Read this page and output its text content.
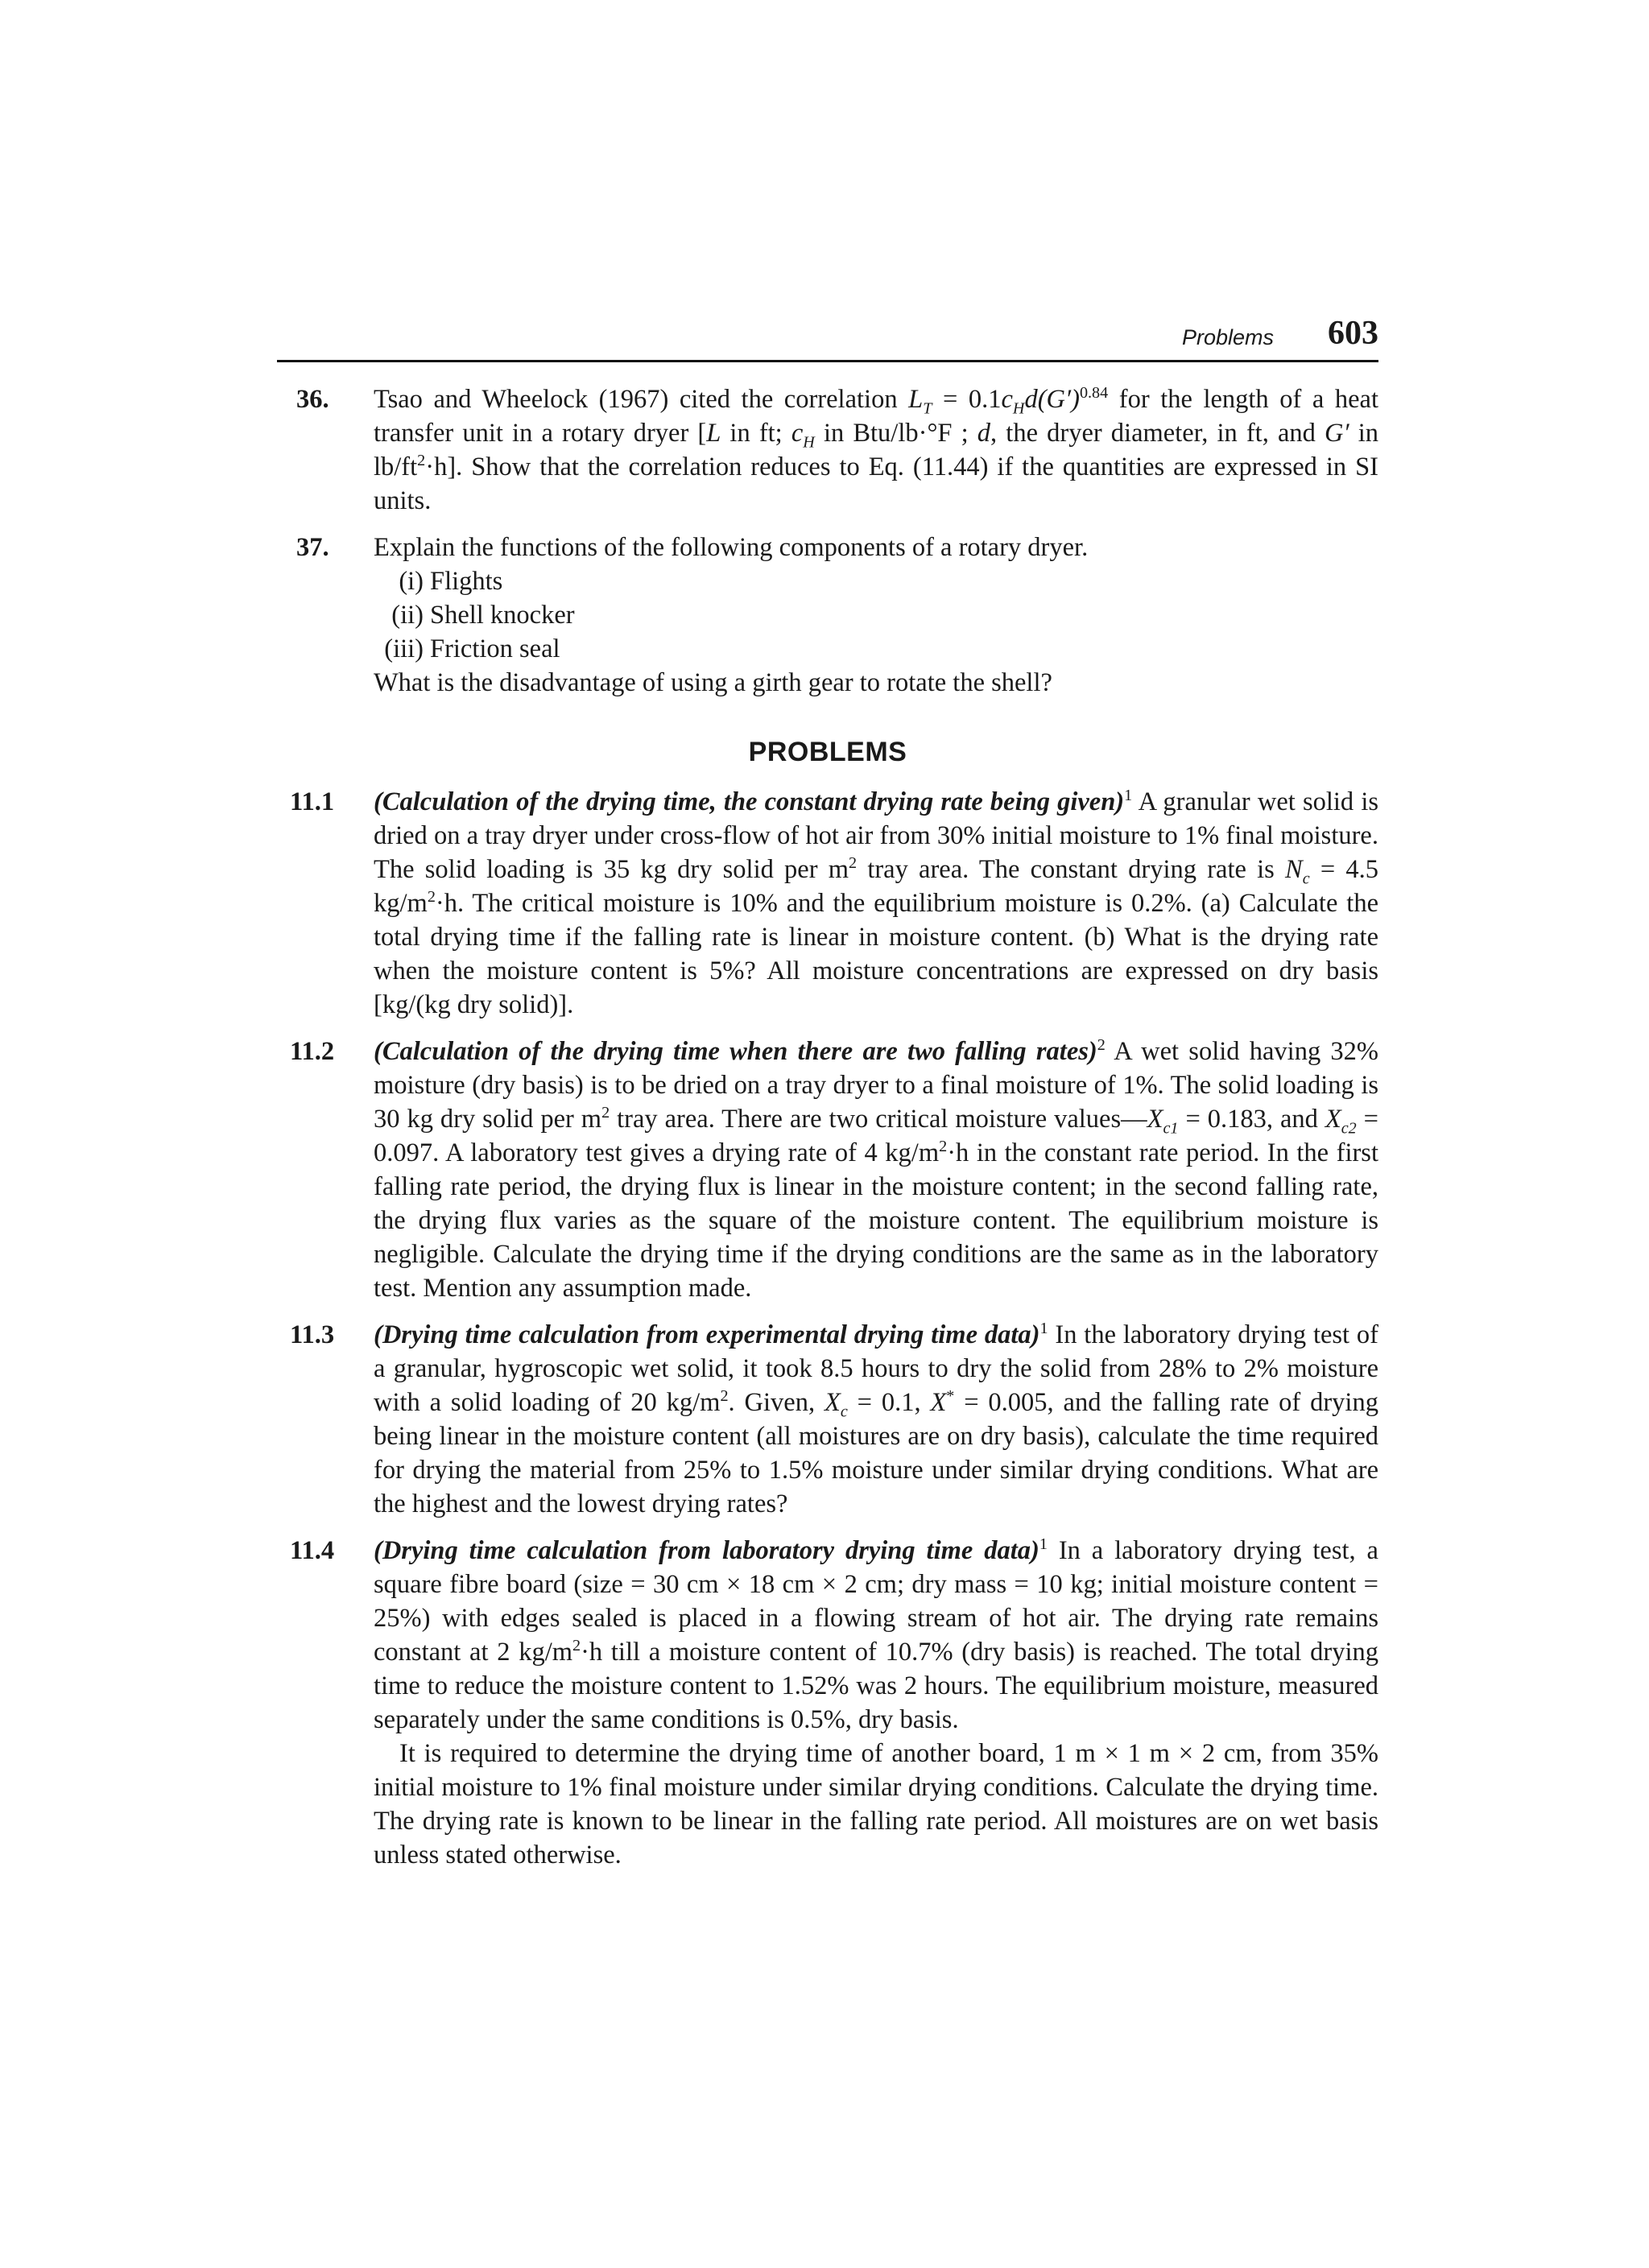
Problems 603
36. Tsao and Wheelock (1967) cited the correlation $L_T = 0.1c_Hd(G')^{0.84}$ for the length of a heat transfer unit in a rotary dryer [L in ft; $c_H$ in Btu/lb·°F ; d, the dryer diameter, in ft, and G′ in $lb/ft^2\cdot h$]. Show that the correlation reduces to Eq. (11.44) if the quantities are expressed in SI units.

37. Explain the functions of the following components of a rotary dryer.

(i) Flights
(ii) Shell knocker
(iii) Friction seal

What is the disadvantage of using a girth gear to rotate the shell?

PROBLEMS
11.1 (Calculation of the drying time, the constant drying rate being given)$^1$ A granular wet solid is dried on a tray dryer under cross-flow of hot air from 30% initial moisture to 1% final moisture. The solid loading is 35 kg dry solid per $m^2$ tray area. The constant drying rate is $N_c = 4.5$ $kg/m^2\cdot h$. The critical moisture is 10% and the equilibrium moisture is 0.2%. (a) Calculate the total drying time if the falling rate is linear in moisture content. (b) What is the drying rate when the moisture content is 5%? All moisture concentrations are expressed on dry basis [kg/(kg dry solid)].

11.2 (Calculation of the drying time when there are two falling rates)$^2$ A wet solid having 32% moisture (dry basis) is to be dried on a tray dryer to a final moisture of 1%. The solid loading is 30 kg dry solid per $m^2$ tray area. There are two critical moisture $values—X_{c1} = 0.183$, and $X_{c2} = 0.097$. A laboratory test gives a drying rate of 4 $kg/m^2\cdot h$ in the constant rate period. In the first falling rate period, the drying flux is linear in the moisture content; in the second falling rate, the drying flux varies as the square of the moisture content. The equilibrium moisture is negligible. Calculate the drying time if the drying conditions are the same as in the laboratory test. Mention any assumption made.

11.3 (Drying time calculation from experimental drying time data)$^1$ In the laboratory drying test of a granular, hygroscopic wet solid, it took 8.5 hours to dry the solid from 28% to 2% moisture with a solid loading of 20 $kg/m^2$. Given, $X_c = 0.1$, X* = 0.005, and the falling rate of drying being linear in the moisture content (all moistures are on dry basis), calculate the time required for drying the material from 25% to 1.5% moisture under similar drying conditions. What are the highest and the lowest drying rates?

11.4 (Drying time calculation from laboratory drying time data)$^1$ In a laboratory drying test, a square fibre board (size = 30 cm × 18 cm × 2 cm; dry mass = 10 kg; initial moisture content = 25%) with edges sealed is placed in a flowing stream of hot air. The drying rate remains constant at 2 $kg/m^2\cdot h$ till a moisture content of 10.7% (dry basis) is reached. The total drying time to reduce the moisture content to 1.52% was 2 hours. The equilibrium moisture, measured separately under the same conditions is 0.5%, dry basis.

It is required to determine the drying time of another board, 1 m × 1 m × 2 cm, from 35% initial moisture to 1% final moisture under similar drying conditions. Calculate the drying time. The drying rate is known to be linear in the falling rate period. All moistures are on wet basis unless stated otherwise.
